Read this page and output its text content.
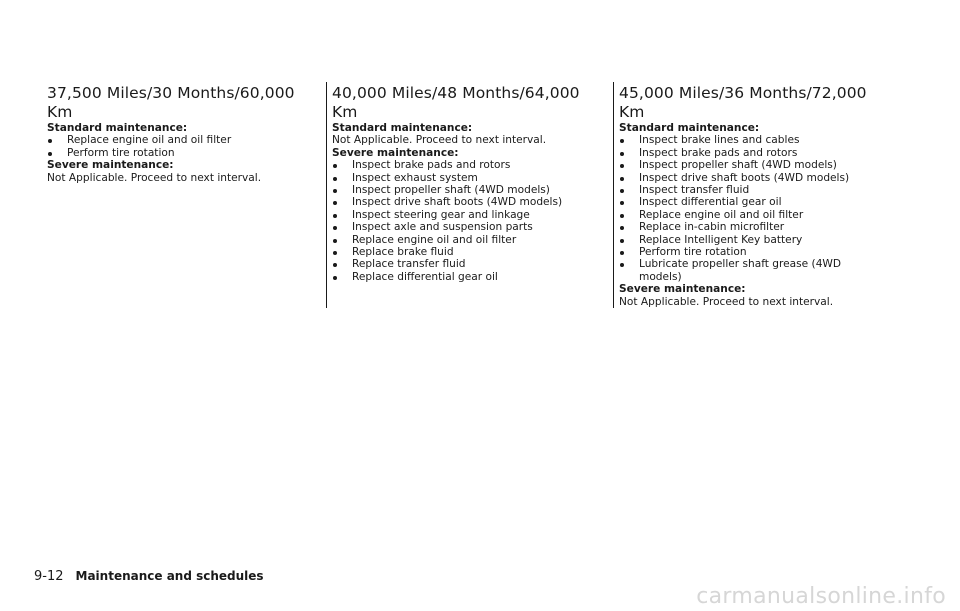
37,500 Miles/30 Months/60,000 Km
Standard maintenance:
Replace engine oil and oil filter
Perform tire rotation
Severe maintenance:
Not Applicable. Proceed to next interval.
40,000 Miles/48 Months/64,000 Km
Standard maintenance:
Not Applicable. Proceed to next interval.
Severe maintenance:
Inspect brake pads and rotors
Inspect exhaust system
Inspect propeller shaft (4WD models)
Inspect drive shaft boots (4WD models)
Inspect steering gear and linkage
Inspect axle and suspension parts
Replace engine oil and oil filter
Replace brake fluid
Replace transfer fluid
Replace differential gear oil
45,000 Miles/36 Months/72,000 Km
Standard maintenance:
Inspect brake lines and cables
Inspect brake pads and rotors
Inspect propeller shaft (4WD models)
Inspect drive shaft boots (4WD models)
Inspect transfer fluid
Inspect differential gear oil
Replace engine oil and oil filter
Replace in-cabin microfilter
Replace Intelligent Key battery
Perform tire rotation
Lubricate propeller shaft grease (4WD models)
Severe maintenance:
Not Applicable. Proceed to next interval.
9-12 Maintenance and schedules
carmanualsonline.info
